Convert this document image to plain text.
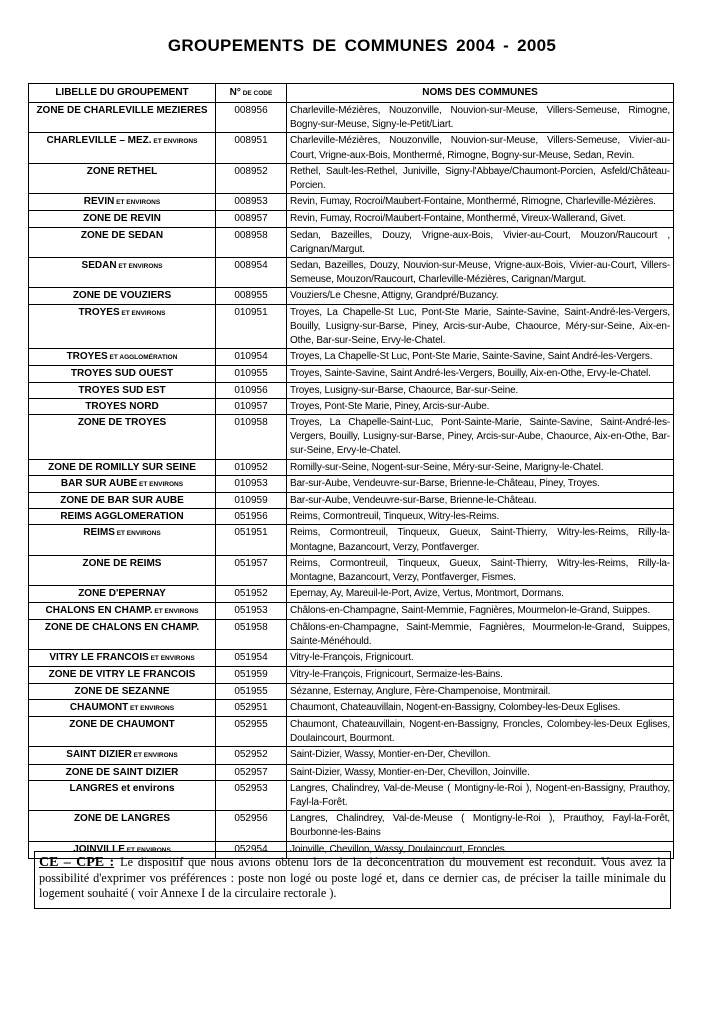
GROUPEMENTS DE COMMUNES 2004 - 2005
LIBELLE DU GROUPEMENT	N° DE CODE	NOMS DES COMMUNES
ZONE DE CHARLEVILLE MEZIERES	008956	Charleville-Mézières, Nouzonville, Nouvion-sur-Meuse, Villers-Semeuse, Rimogne, Bogny-sur-Meuse, Signy-le-Petit/Liart.
CHARLEVILLE – MEZ. ET ENVIRONS	008951	Charleville-Mézières, Nouzonville, Nouvion-sur-Meuse, Villers-Semeuse, Vivier-au-Court, Vrigne-aux-Bois, Monthermé, Rimogne, Bogny-sur-Meuse, Sedan, Revin.
ZONE RETHEL	008952	Rethel, Sault-les-Rethel, Juniville, Signy-l'Abbaye/Chaumont-Porcien, Asfeld/Château- Porcien.
REVIN ET ENVIRONS	008953	Revin, Fumay, Rocroi/Maubert-Fontaine, Monthermé, Rimogne, Charleville-Mézières.
ZONE DE REVIN	008957	Revin, Fumay, Rocroi/Maubert-Fontaine, Monthermé, Vireux-Wallerand, Givet.
ZONE DE SEDAN	008958	Sedan, Bazeilles, Douzy, Vrigne-aux-Bois, Vivier-au-Court, Mouzon/Raucourt , Carignan/Margut.
SEDAN ET ENVIRONS	008954	Sedan, Bazeilles, Douzy, Nouvion-sur-Meuse, Vrigne-aux-Bois, Vivier-au-Court, Villers-Semeuse, Mouzon/Raucourt, Charleville-Mézières, Carignan/Margut.
ZONE DE VOUZIERS	008955	Vouziers/Le Chesne, Attigny, Grandpré/Buzancy.
TROYES ET ENVIRONS	010951	Troyes, La Chapelle-St Luc, Pont-Ste Marie, Sainte-Savine, Saint-André-les-Vergers, Bouilly, Lusigny-sur-Barse, Piney, Arcis-sur-Aube, Chaource, Méry-sur-Seine, Aix-en-Othe, Bar-sur-Seine, Ervy-le-Chatel.
TROYES ET AGGLOMÉRATION	010954	Troyes, La Chapelle-St Luc, Pont-Ste Marie, Sainte-Savine, Saint André-les-Vergers.
TROYES SUD OUEST	010955	Troyes, Sainte-Savine, Saint André-les-Vergers, Bouilly, Aix-en-Othe, Ervy-le-Chatel.
TROYES SUD EST	010956	Troyes, Lusigny-sur-Barse, Chaource, Bar-sur-Seine.
TROYES NORD	010957	Troyes, Pont-Ste Marie, Piney, Arcis-sur-Aube.
ZONE DE TROYES	010958	Troyes, La Chapelle-Saint-Luc, Pont-Sainte-Marie, Sainte-Savine, Saint-André-les-Vergers, Bouilly, Lusigny-sur-Barse, Piney, Arcis-sur-Aube, Chaource, Aix-en-Othe, Bar-sur-Seine, Ervy-le-Chatel.
ZONE DE ROMILLY SUR SEINE	010952	Romilly-sur-Seine, Nogent-sur-Seine, Méry-sur-Seine, Marigny-le-Chatel.
BAR SUR AUBE ET ENVIRONS	010953	Bar-sur-Aube, Vendeuvre-sur-Barse, Brienne-le-Château, Piney, Troyes.
ZONE DE BAR SUR AUBE	010959	Bar-sur-Aube, Vendeuvre-sur-Barse, Brienne-le-Château.
REIMS AGGLOMERATION	051956	Reims, Cormontreuil, Tinqueux, Witry-les-Reims.
REIMS ET ENVIRONS	051951	Reims, Cormontreuil, Tinqueux, Gueux, Saint-Thierry, Witry-les-Reims, Rilly-la-Montagne, Bazancourt, Verzy, Pontfaverger.
ZONE DE REIMS	051957	Reims, Cormontreuil, Tinqueux, Gueux, Saint-Thierry, Witry-les-Reims, Rilly-la-Montagne, Bazancourt, Verzy, Pontfaverger, Fismes.
ZONE D'EPERNAY	051952	Epernay, Ay, Mareuil-le-Port, Avize, Vertus, Montmort, Dormans.
CHALONS EN CHAMP. ET ENVIRONS	051953	Châlons-en-Champagne, Saint-Memmie, Fagnières, Mourmelon-le-Grand, Suippes.
ZONE DE CHALONS EN CHAMP.	051958	Châlons-en-Champagne, Saint-Memmie, Fagnières, Mourmelon-le-Grand, Suippes, Sainte-Ménéhould.
VITRY LE FRANCOIS ET ENVIRONS	051954	Vitry-le-François, Frignicourt.
ZONE DE VITRY LE FRANCOIS	051959	Vitry-le-François, Frignicourt, Sermaize-les-Bains.
ZONE DE SEZANNE	051955	Sézanne, Esternay, Anglure, Fère-Champenoise, Montmirail.
CHAUMONT ET ENVIRONS	052951	Chaumont, Chateauvillain, Nogent-en-Bassigny, Colombey-les-Deux Eglises.
ZONE DE CHAUMONT	052955	Chaumont, Chateauvillain, Nogent-en-Bassigny, Froncles, Colombey-les-Deux Eglises, Doulaincourt, Bourmont.
SAINT DIZIER ET ENVIRONS	052952	Saint-Dizier, Wassy, Montier-en-Der, Chevillon.
ZONE DE SAINT DIZIER	052957	Saint-Dizier, Wassy, Montier-en-Der, Chevillon, Joinville.
LANGRES et environs	052953	Langres, Chalindrey, Val-de-Meuse ( Montigny-le-Roi ), Nogent-en-Bassigny, Prauthoy, Fayl-la-Forêt.
ZONE DE LANGRES	052956	Langres, Chalindrey, Val-de-Meuse ( Montigny-le-Roi ), Prauthoy, Fayl-la-Forêt, Bourbonne-les-Bains
JOINVILLE ET ENVIRONS	052954	Joinville, Chevillon, Wassy, Doulaincourt, Froncles.
CE – CPE : Le dispositif que nous avions obtenu lors de la déconcentration du mouvement est reconduit. Vous avez la possibilité d'exprimer vos préférences : poste non logé ou poste logé et, dans ce dernier cas, de préciser la taille minimale du logement souhaité ( voir Annexe I de la circulaire rectorale ).
